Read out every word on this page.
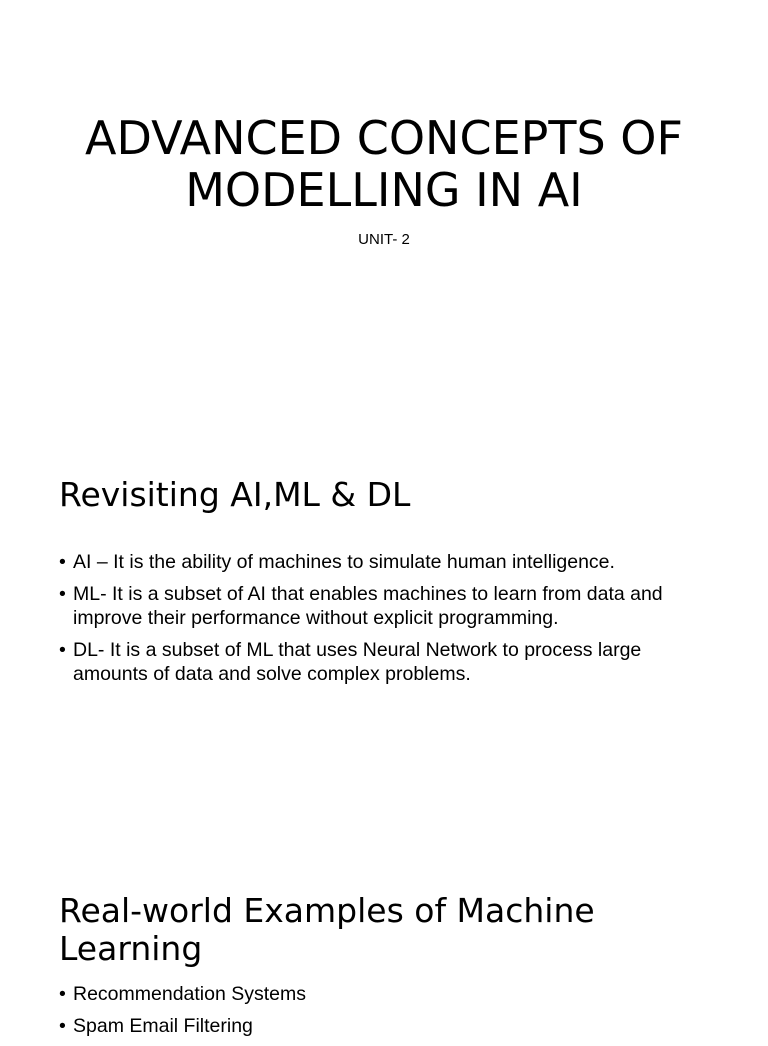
ADVANCED CONCEPTS OF MODELLING IN AI

UNIT- 2

Revisiting AI,ML & DL
• AI – It is the ability of machines to simulate human intelligence.
• ML- It is a subset of AI that enables machines to learn from data and improve their performance without explicit programming.
• DL- It is a subset of ML that uses Neural Network to process large amounts of data and solve complex problems.
Real-world Examples of Machine Learning
• Recommendation Systems
• Spam Email Filtering
